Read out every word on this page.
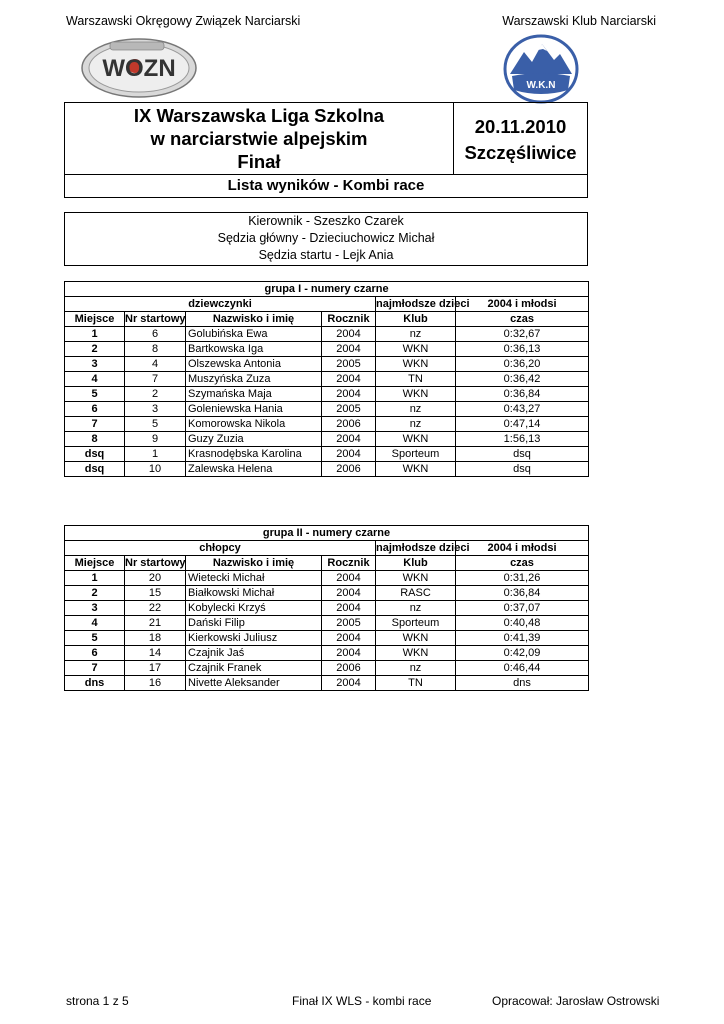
Warszawski Okręgowy Związek Narciarski	Warszawski Klub Narciarski
WOZN
W.K.N
IX Warszawska Liga Szkolna
w narciarstwie alpejskim
Finał
20.11.2010
Szczęśliwice
Lista wyników - Kombi race
Kierownik - Szeszko Czarek
Sędzia główny - Dzieciuchowicz Michał
Sędzia startu - Lejk Ania
grupa I - numery czarne					
dziewczynki				najmłodsze dzieci	2004 i młodsi
Miejsce	Nr startowy	Nazwisko i imię	Rocznik	Klub	czas
1	6	Golubińska Ewa	2004	nz	0:32,67
2	8	Bartkowska Iga	2004	WKN	0:36,13
3	4	Olszewska Antonia	2005	WKN	0:36,20
4	7	Muszyńska Zuza	2004	TN	0:36,42
5	2	Szymańska Maja	2004	WKN	0:36,84
6	3	Goleniewska Hania	2005	nz	0:43,27
7	5	Komorowska Nikola	2006	nz	0:47,14
8	9	Guzy Zuzia	2004	WKN	1:56,13
dsq	1	Krasnodębska Karolina	2004	Sporteum	dsq
dsq	10	Zalewska Helena	2006	WKN	dsq
grupa II - numery czarne					
chłopcy				najmłodsze dzieci	2004 i młodsi
Miejsce	Nr startowy	Nazwisko i imię	Rocznik	Klub	czas
1	20	Wietecki Michał	2004	WKN	0:31,26
2	15	Białkowski Michał	2004	RASC	0:36,84
3	22	Kobylecki Krzyś	2004	nz	0:37,07
4	21	Dański Filip	2005	Sporteum	0:40,48
5	18	Kierkowski Juliusz	2004	WKN	0:41,39
6	14	Czajnik Jaś	2004	WKN	0:42,09
7	17	Czajnik Franek	2006	nz	0:46,44
dns	16	Nivette Aleksander	2004	TN	dns
strona 1 z 5	Finał IX WLS - kombi race	Opracował: Jarosław Ostrowski
